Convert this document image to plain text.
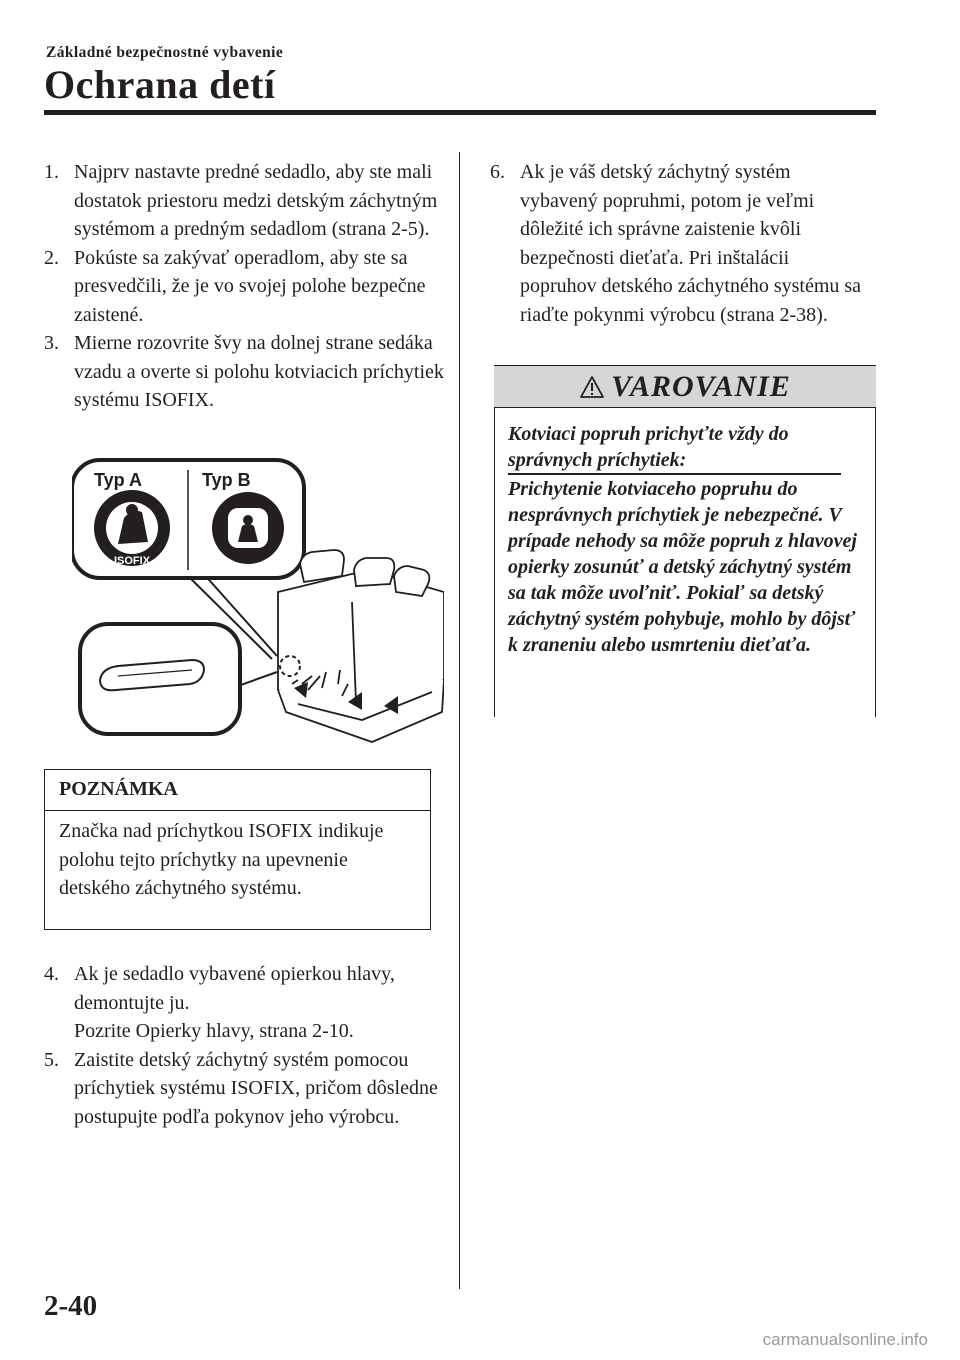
Základné bezpečnostné vybavenie
Ochrana detí
1. Najprv nastavte predné sedadlo, aby ste mali dostatok priestoru medzi detským záchytným systémom a predným sedadlom (strana 2-5).
2. Pokúste sa zakývať operadlom, aby ste sa presvedčili, že je vo svojej polohe bezpečne zaistené.
3. Mierne rozovrite švy na dolnej strane sedáka vzadu a overte si polohu kotviacich príchytiek systému ISOFIX.
Typ A	Typ B
ISOFIX
POZNÁMKA
Značka nad príchytkou ISOFIX indikuje polohu tejto príchytky na upevnenie detského záchytného systému.
4. Ak je sedadlo vybavené opierkou hlavy, demontujte ju.
Pozrite Opierky hlavy, strana 2-10.
5. Zaistite detský záchytný systém pomocou príchytiek systému ISOFIX, pričom dôsledne postupujte podľa pokynov jeho výrobcu.
6. Ak je váš detský záchytný systém vybavený popruhmi, potom je veľmi dôležité ich správne zaistenie kvôli bezpečnosti dieťaťa. Pri inštalácii popruhov detského záchytného systému sa riaďte pokynmi výrobcu (strana 2-38).
VAROVANIE
Kotviaci popruh prichyťte vždy do správnych príchytiek:
Prichytenie kotviaceho popruhu do nesprávnych príchytiek je nebezpečné. V prípade nehody sa môže popruh z hlavovej opierky zosunúť a detský záchytný systém sa tak môže uvoľniť. Pokiaľ sa detský záchytný systém pohybuje, mohlo by dôjsť k zraneniu alebo usmrteniu dieťaťa.
2-40
carmanualsonline.info
